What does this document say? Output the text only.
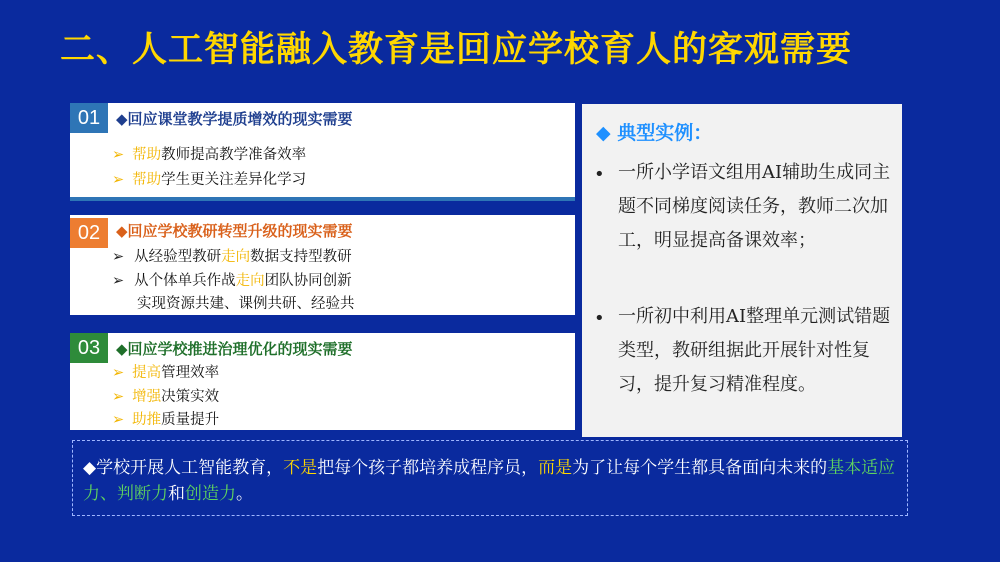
二、人工智能融入教育是回应学校育人的客观需要
01	◆回应课堂教学提质增效的现实需要
➢ 帮助教师提高教学准备效率
➢ 帮助学生更关注差异化学习
02	◆回应学校教研转型升级的现实需要
➢ 从经验型教研走向数据支持型教研
➢ 从个体单兵作战走向团队协同创新
实现资源共建、课例共研、经验共
03	◆回应学校推进治理优化的现实需要
➢ 提高管理效率
➢ 增强决策实效
➢ 助推质量提升
◆ 典型实例：
• 一所小学语文组用AI辅助生成同主题不同梯度阅读任务，教师二次加工，明显提高备课效率；
• 一所初中利用AI整理单元测试错题类型，教研组据此开展针对性复习，提升复习精准程度。
◆学校开展人工智能教育，不是把每个孩子都培养成程序员，而是为了让每个学生都具备面向未来的基本适应力、判断力和创造力。
